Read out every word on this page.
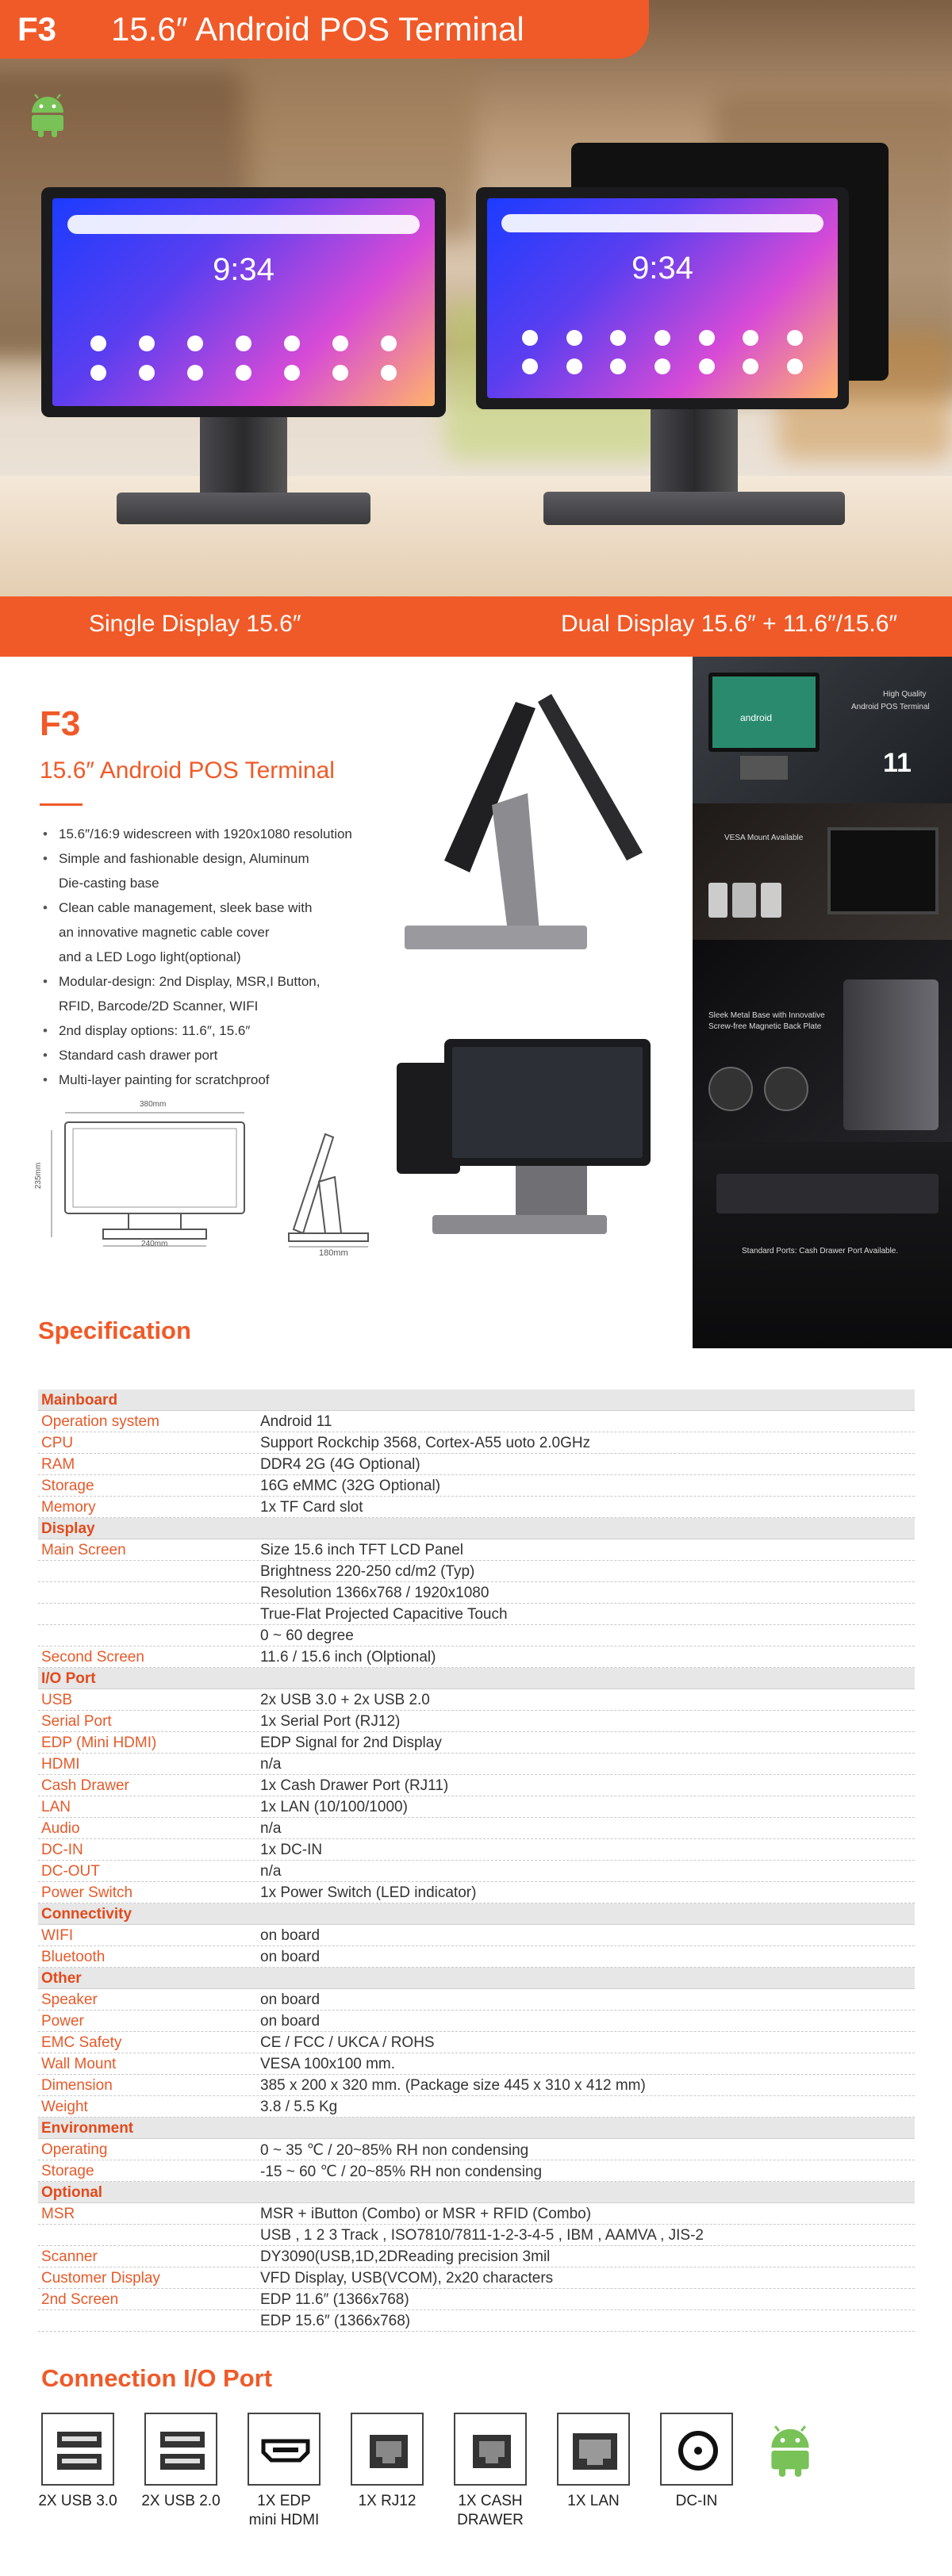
F3	15.6″ Android POS Terminal
9:34	9:34
Single Display 15.6″	Dual Display 15.6″ + 11.6″/15.6″
F3
15.6″ Android POS Terminal
• 15.6″/16:9 widescreen with 1920x1080 resolution
• Simple and fashionable design, Aluminum
Die-casting base
• Clean cable management, sleek base with
an innovative magnetic cable cover
and a LED Logo light(optional)
• Modular-design: 2nd Display, MSR,I Button,
RFID, Barcode/2D Scanner, WIFI
• 2nd display options: 11.6″, 15.6″
• Standard cash drawer port
• Multi-layer painting for scratchproof
380mm
235mm
240mm
180mm
android
High Quality
Android POS Terminal
11
VESA Mount Available
Sleek Metal Base with Innovative
Screw-free Magnetic Back Plate
Standard Ports: Cash Drawer Port Available.
Specification
Mainboard
Operation system	Android 11
CPU	Support Rockchip 3568, Cortex-A55 uoto 2.0GHz
RAM	DDR4 2G (4G Optional)
Storage	16G eMMC (32G Optional)
Memory	1x TF Card slot
Display
Main Screen	Size 15.6 inch TFT LCD Panel
Brightness 220-250 cd/m2 (Typ)
Resolution 1366x768 / 1920x1080
True-Flat Projected Capacitive Touch
0 ~ 60 degree
Second Screen	11.6 / 15.6 inch (Olptional)
I/O Port
USB	2x USB 3.0 + 2x USB 2.0
Serial Port	1x Serial Port (RJ12)
EDP (Mini HDMI)	EDP Signal for 2nd Display
HDMI	n/a
Cash Drawer	1x Cash Drawer Port (RJ11)
LAN	1x LAN (10/100/1000)
Audio	n/a
DC-IN	1x DC-IN
DC-OUT	n/a
Power Switch	1x Power Switch (LED indicator)
Connectivity
WIFI	on board
Bluetooth	on board
Other
Speaker	on board
Power	on board
EMC Safety	CE / FCC / UKCA / ROHS
Wall Mount	VESA 100x100 mm.
Dimension	385 x 200 x 320 mm. (Package size 445 x 310 x 412 mm)
Weight	3.8 / 5.5 Kg
Environment
Operating	0 ~ 35 ℃ / 20~85% RH non condensing
Storage	-15 ~ 60 ℃ / 20~85% RH non condensing
Optional
MSR	MSR + iButton (Combo) or MSR + RFID (Combo)
USB , 1 2 3 Track , ISO7810/7811-1-2-3-4-5 , IBM , AAMVA , JIS-2
Scanner	DY3090(USB,1D,2DReading precision 3mil
Customer Display	VFD Display, USB(VCOM), 2x20 characters
2nd Screen	EDP 11.6″ (1366x768)
EDP 15.6″ (1366x768)
Connection I/O Port
2X USB 3.0	2X USB 2.0	1X EDP
mini HDMI
1X RJ12	1X CASH
DRAWER
1X LAN	DC-IN
